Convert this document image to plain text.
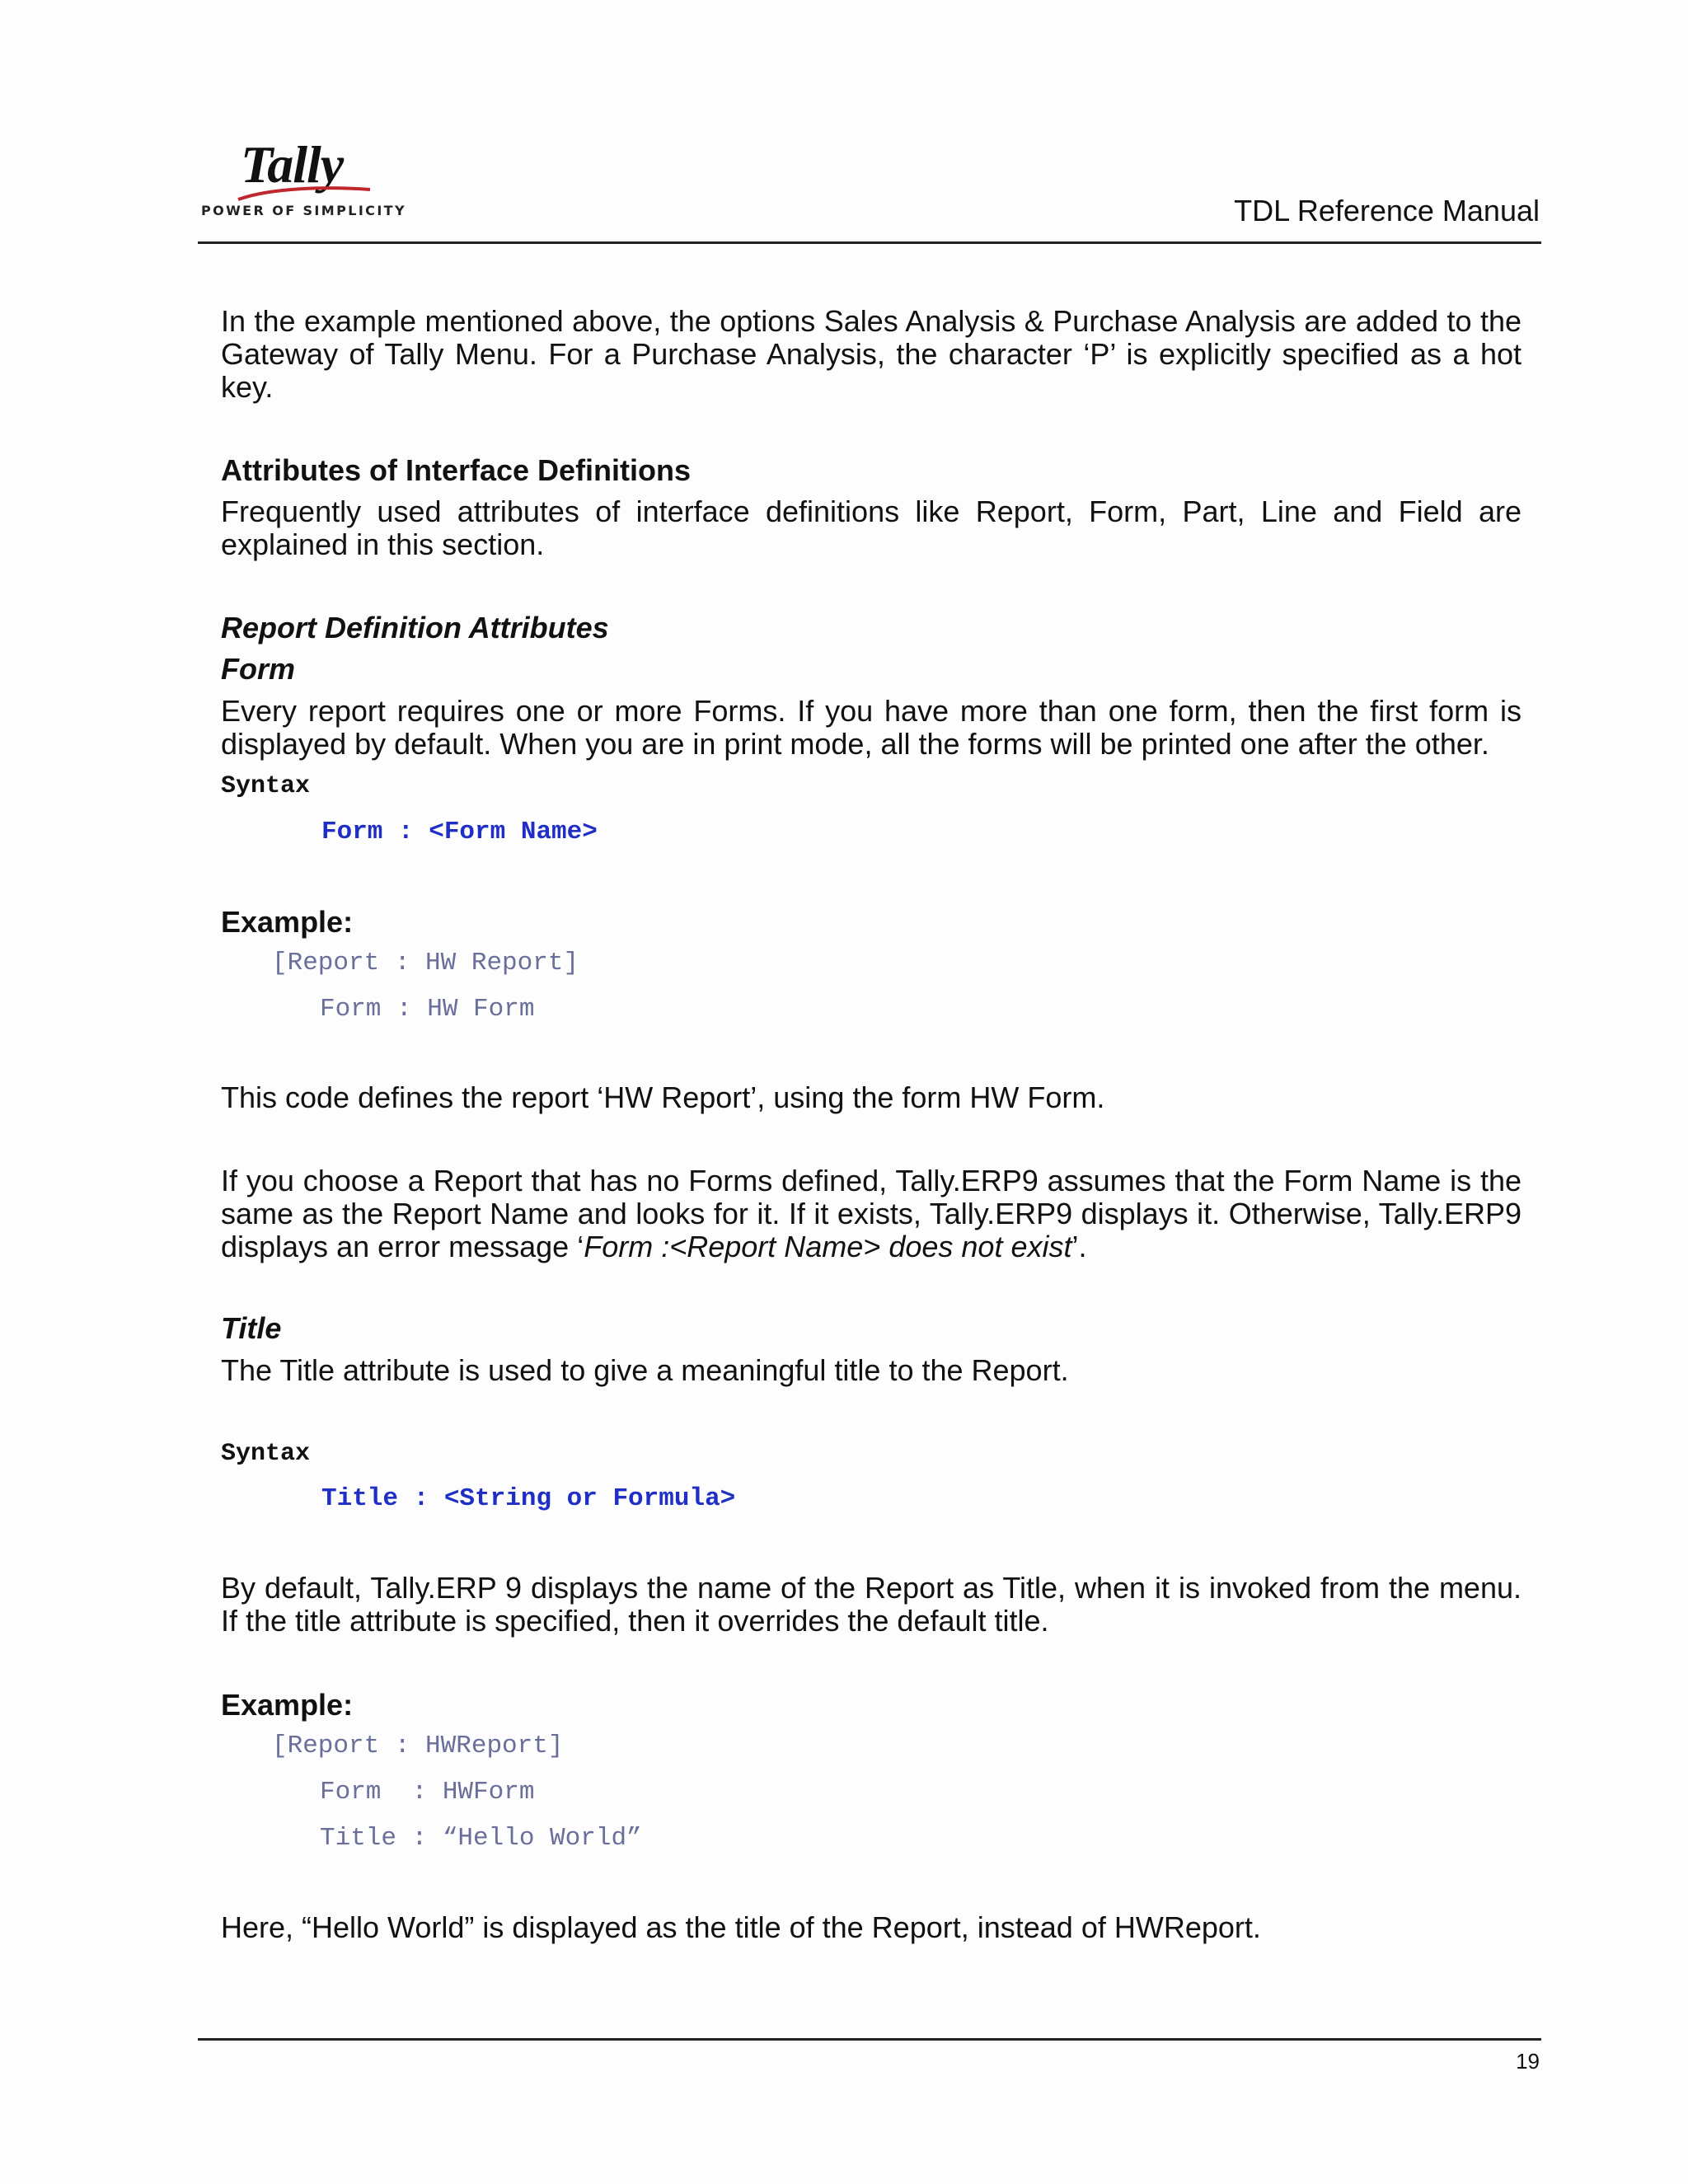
Tally
POWER OF SIMPLICITY	TDL Reference Manual

In the example mentioned above, the options Sales Analysis & Purchase Analysis are added to the Gateway of Tally Menu. For a Purchase Analysis, the character ‘P’ is explicitly specified as a hot key.

Attributes of Interface Definitions

Frequently used attributes of interface definitions like Report, Form, Part, Line and Field are explained in this section.

Report Definition Attributes

Form

Every report requires one or more Forms. If you have more than one form, then the first form is displayed by default. When you are in print mode, all the forms will be printed one after the other.

Syntax
Form : <Form Name>

Example:

[Report : HW Report]
Form : HW Form

This code defines the report ‘HW Report’, using the form HW Form.

If you choose a Report that has no Forms defined, Tally.ERP9 assumes that the Form Name is the same as the Report Name and looks for it. If it exists, Tally.ERP9 displays it. Otherwise, Tally.ERP9 displays an error message ‘Form :<Report Name> does not exist’.

Title

The Title attribute is used to give a meaningful title to the Report.

Syntax
Title : <String or Formula>

By default, Tally.ERP 9 displays the name of the Report as Title, when it is invoked from the menu. If the title attribute is specified, then it overrides the default title.

Example:

[Report : HWReport]
Form  : HWForm
Title : “Hello World”

Here, “Hello World” is displayed as the title of the Report, instead of HWReport.

19
